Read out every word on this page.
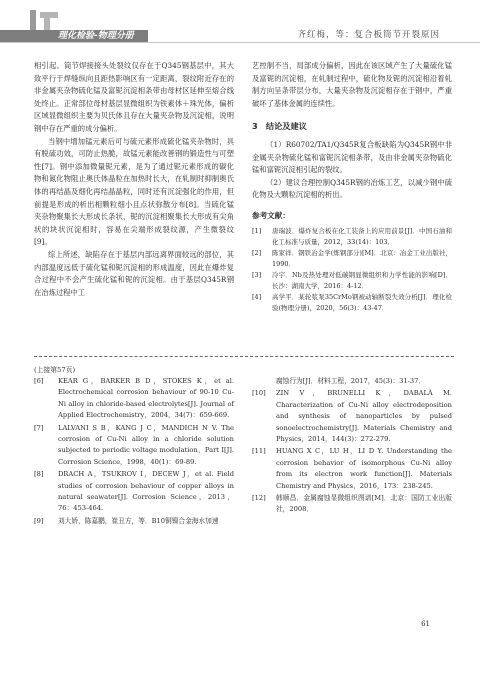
理化检验-物理分册	齐红梅，等：复合板筒节开裂原因

相引起。筒节焊接接头处裂纹仅存在于Q345钢基层中，其大致平行于焊缝纵向且距热影响区有一定距离，裂纹附近存在的非金属夹杂物硫化锰及富铌沉淀相条带由母材区延伸至熔合线处终止。正常部位母材基层显微组织为铁素体＋珠光体，偏析区域显微组织主要为贝氏体且存在大量夹杂物及沉淀相，说明钢中存在严重的成分偏析。

当钢中增加锰元素后可与硫元素形成硫化锰夹杂物时，具有脱硫功效，可防止热脆，故锰元素能改善钢的锻造性与可塑性[7]。钢中添加微量铌元素，是为了通过铌元素形成的碳化物和氮化物阻止奥氏体晶粒在加热时长大，在轧制时抑制奥氏体的再结晶及细化再结晶晶粒，同时还有沉淀强化的作用，但前提是形成的析出相颗粒细小且点状弥散分布[8]。当硫化锰夹杂物聚集长大形成长条状，铌的沉淀相聚集长大形成有尖角状的块状沉淀相时，容易在尖端形成裂纹源，产生微裂纹[9]。

综上所述，缺陷存在于基层内部远离界面较远的部位，其内部温度远低于硫化锰和铌沉淀相的形成温度，因此在爆炸复合过程中不会产生硫化锰和铌的沉淀相。由于基层Q345R钢在冶炼过程中工

艺控制不当，局部成分偏析，因此在该区域产生了大量硫化锰及富铌的沉淀相，在轧制过程中，硫化物及铌的沉淀相沿着轧制方向呈条带层分布，大量夹杂物及沉淀相存在于钢中，严重破坏了基体金属的连续性。

3　结论及建议

（1）R60702/TA1/Q345R复合板缺陷为Q345R钢中非金属夹杂物硫化锰和富铌沉淀相条带，及由非金属夹杂物硫化锰和富铌沉淀相引起的裂纹。

（2）建议合理控制Q345R钢的冶炼工艺，以减少钢中硫化物及大颗粒沉淀相的析出。

参考文献：
[1]	唐瑞波．爆炸复合板在化工装备上的应用前景[J]．中国石油和化工标准与质量，2012，33(14)：103．
[2]	陈家祥．钢铁冶金学(炼钢部分)[M]．北京：冶金工业出版社，1990．
[3]	冷宇．Nb及热处理对低碳钢显微组织和力学性能的影响[D]．长沙：湖南大学，2016：4-12．
[4]	高学平．某轮浆泵35CrMo钢被动轴断裂失效分析[J]．理化检验(物理分册)，2020，56(3)：43-47．
(上接第57页)
[6]	KEAR G，BARKER B D，STOKES K，et al. Electrochemical corrosion behaviour of 90-10 Cu-Ni alloy in chloride-based electrolytes[J]. Journal of Applied Electrochemistry，2004，34(7)：659-669.
[7]	LALVANI S B，KANG J C，MANDICH N V. The corrosion of Cu-Ni alloy in a chloride solution subjected to periodic voltage modulation，Part I[J]. Corrosion Science，1998，40(1)：69-89.
[8]	DRACH A，TSUKROV I，DECEW J，et al. Field studies of corrosion behaviour of copper alloys in natural seawater[J]. Corrosion Science，2013，76：453-464.
[9]	刘大娇，陈嘉鹏，崔丑方，等．B10铜镍合金海水加速
腐蚀行为[J]．材料工程，2017，45(3)：31-37．
[10]	ZIN V，BRUNELLI K，DABALÀ M. Characterization of Cu-Ni alloy electrodeposition and synthesis of nanoparticles by pulsed sonoelectrochemistry[J]. Materials Chemistry and Physics，2014，144(3)：272-279.
[11]	HUANG X C，LU H，LI D Y. Understanding the corrosion behavior of isomorphous Cu-Ni alloy from its electron work function[J]. Materials Chemistry and Physics，2016，173：238-245.
[12]	韩顺昌．金属腐蚀显微组织图谱[M]．北京：国防工业出版社，2008．
61
